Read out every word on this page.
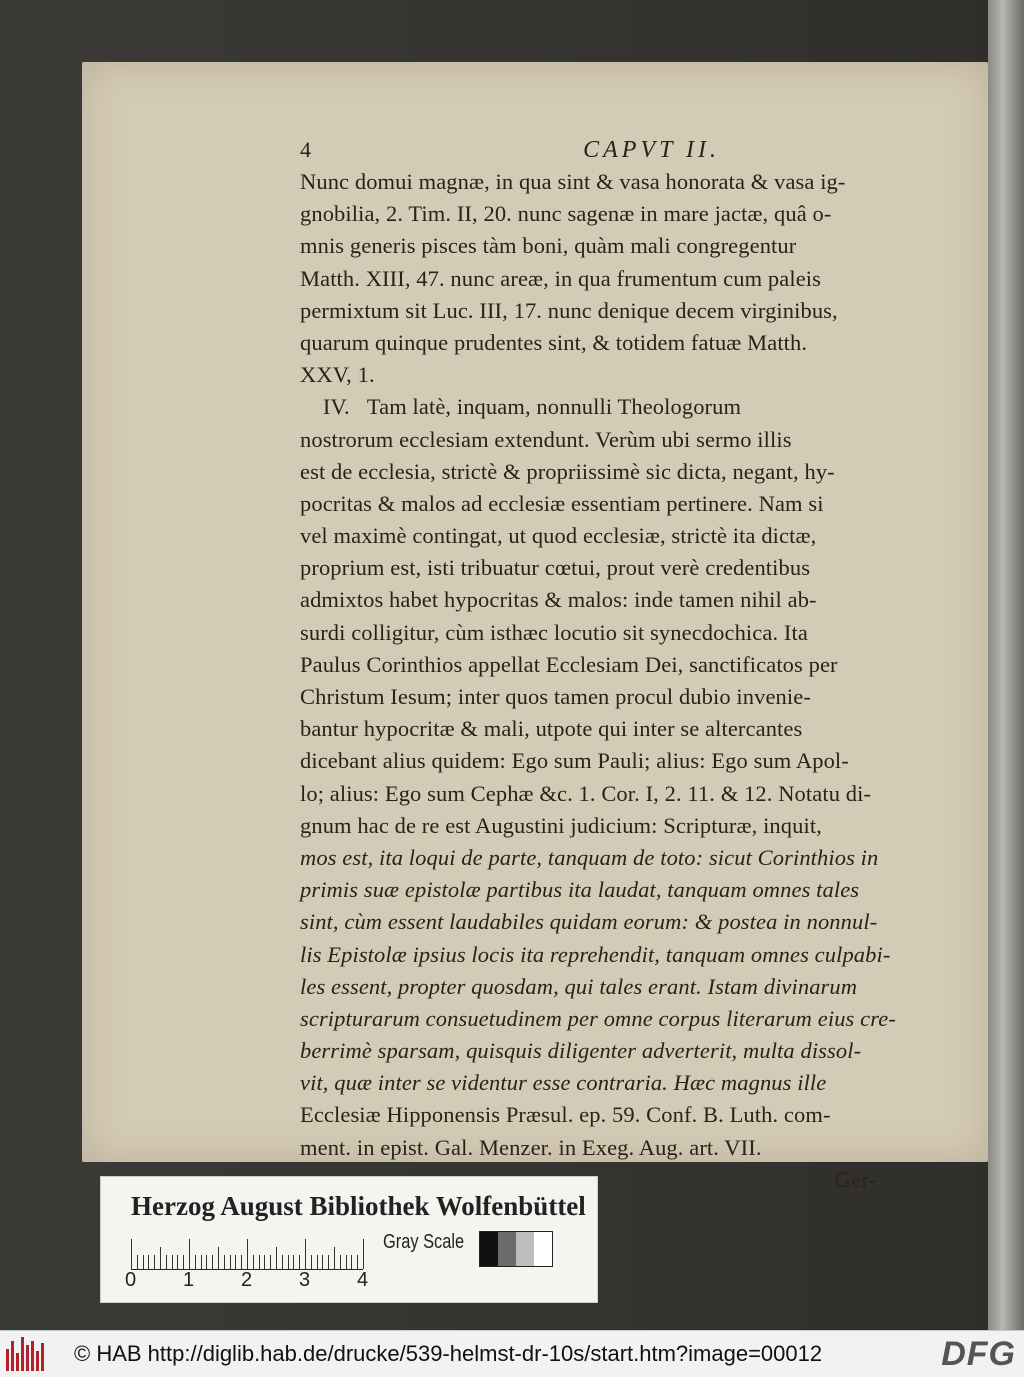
4	CAPVT II.
Nunc domui magnæ, in qua sint & vasa honorata & vasa ig-
gnobilia, 2. Tim. II, 20. nunc sagenæ in mare jactæ, quâ o-
mnis generis pisces tàm boni, quàm mali congregentur
Matth. XIII, 47. nunc areæ, in qua frumentum cum paleis
permixtum sit Luc. III, 17. nunc denique decem virginibus,
quarum quinque prudentes sint, & totidem fatuæ Matth.
XXV, 1.
IV.   Tam latè, inquam, nonnulli Theologorum
nostrorum ecclesiam extendunt. Verùm ubi sermo illis
est de ecclesia, strictè & propriissimè sic dicta, negant, hy-
pocritas & malos ad ecclesiæ essentiam pertinere. Nam si
vel maximè contingat, ut quod ecclesiæ, strictè ita dictæ,
proprium est, isti tribuatur cœtui, prout verè credentibus
admixtos habet hypocritas & malos: inde tamen nihil ab-
surdi colligitur, cùm isthæc locutio sit synecdochica. Ita
Paulus Corinthios appellat Ecclesiam Dei, sanctificatos per
Christum Iesum; inter quos tamen procul dubio invenie-
bantur hypocritæ & mali, utpote qui inter se altercantes
dicebant alius quidem: Ego sum Pauli; alius: Ego sum Apol-
lo; alius: Ego sum Cephæ &c. 1. Cor. I, 2. 11. & 12. Notatu di-
gnum hac de re est Augustini judicium: Scripturæ, inquit,
mos est, ita loqui de parte, tanquam de toto: sicut Corinthios in
primis suæ epistolæ partibus ita laudat, tanquam omnes tales
sint, cùm essent laudabiles quidam eorum: & postea in nonnul-
lis Epistolæ ipsius locis ita reprehendit, tanquam omnes culpabi-
les essent, propter quosdam, qui tales erant. Istam divinarum
scripturarum consuetudinem per omne corpus literarum eius cre-
berrimè sparsam, quisquis diligenter adverterit, multa dissol-
vit, quæ inter se videntur esse contraria. Hæc magnus ille
Ecclesiæ Hipponensis Præsul. ep. 59. Conf. B. Luth. com-
ment. in epist. Gal. Menzer. in Exeg. Aug. art. VII.
Ger-
Herzog August Bibliothek Wolfenbüttel
0 1 2 3 4
Gray Scale
© HAB http://diglib.hab.de/drucke/539-helmst-dr-10s/start.htm?image=00012	DFG
